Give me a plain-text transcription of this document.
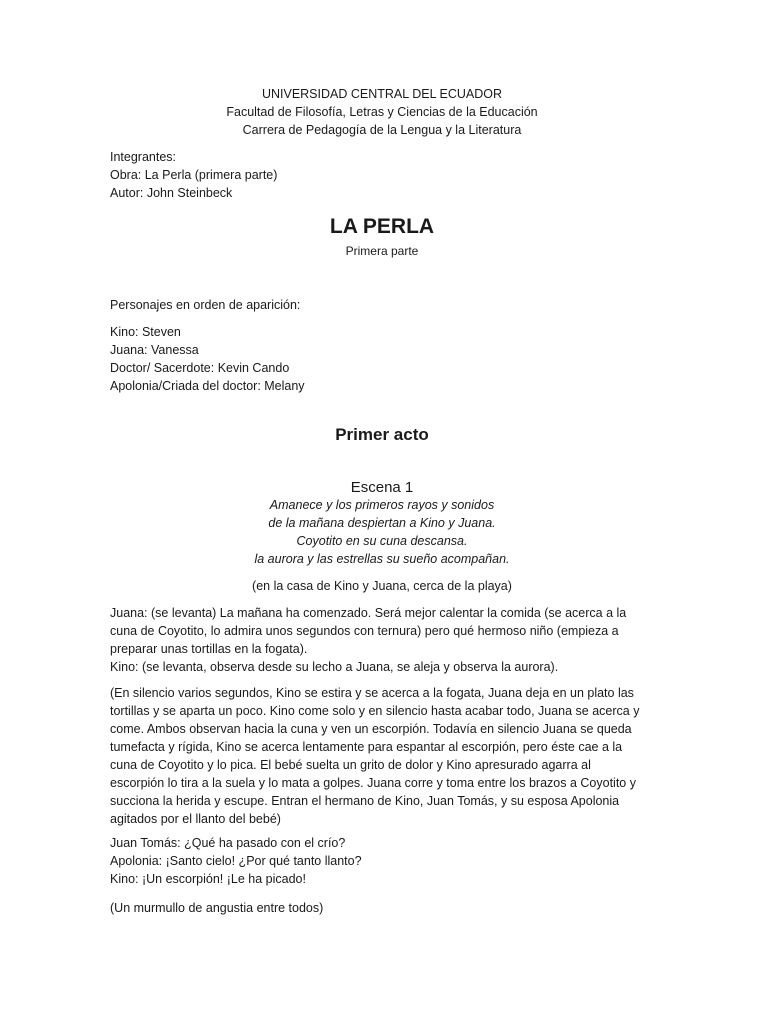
UNIVERSIDAD CENTRAL DEL ECUADOR
Facultad de Filosofía, Letras y Ciencias de la Educación
Carrera de Pedagogía de la Lengua y la Literatura
Integrantes:
Obra: La Perla (primera parte)
Autor: John Steinbeck
LA PERLA
Primera parte
Personajes en orden de aparición:
Kino: Steven
Juana: Vanessa
Doctor/ Sacerdote: Kevin Cando
Apolonia/Criada del doctor: Melany
Primer acto
Escena 1
Amanece y los primeros rayos y sonidos
de la mañana despiertan a Kino y Juana.
Coyotito en su cuna descansa.
la aurora y las estrellas su sueño acompañan.
(en la casa de Kino y Juana, cerca de la playa)
Juana: (se levanta) La mañana ha comenzado. Será mejor calentar la comida (se acerca a la
cuna de Coyotito, lo admira unos segundos con ternura) pero qué hermoso niño (empieza a
preparar unas tortillas en la fogata).
Kino: (se levanta, observa desde su lecho a Juana, se aleja y observa la aurora).
(En silencio varios segundos, Kino se estira y se acerca a la fogata, Juana deja en un plato las
tortillas y se aparta un poco. Kino come solo y en silencio hasta acabar todo, Juana se acerca y
come. Ambos observan hacia la cuna y ven un escorpión. Todavía en silencio Juana se queda
tumefacta y rígida, Kino se acerca lentamente para espantar al escorpión, pero éste cae a la
cuna de Coyotito y lo pica. El bebé suelta un grito de dolor y Kino apresurado agarra al
escorpión lo tira a la suela y lo mata a golpes. Juana corre y toma entre los brazos a Coyotito y
succiona la herida y escupe. Entran el hermano de Kino, Juan Tomás, y su esposa Apolonia
agitados por el llanto del bebé)
Juan Tomás: ¿Qué ha pasado con el crío?
Apolonia: ¡Santo cielo! ¿Por qué tanto llanto?
Kino: ¡Un escorpión! ¡Le ha picado!
(Un murmullo de angustia entre todos)
